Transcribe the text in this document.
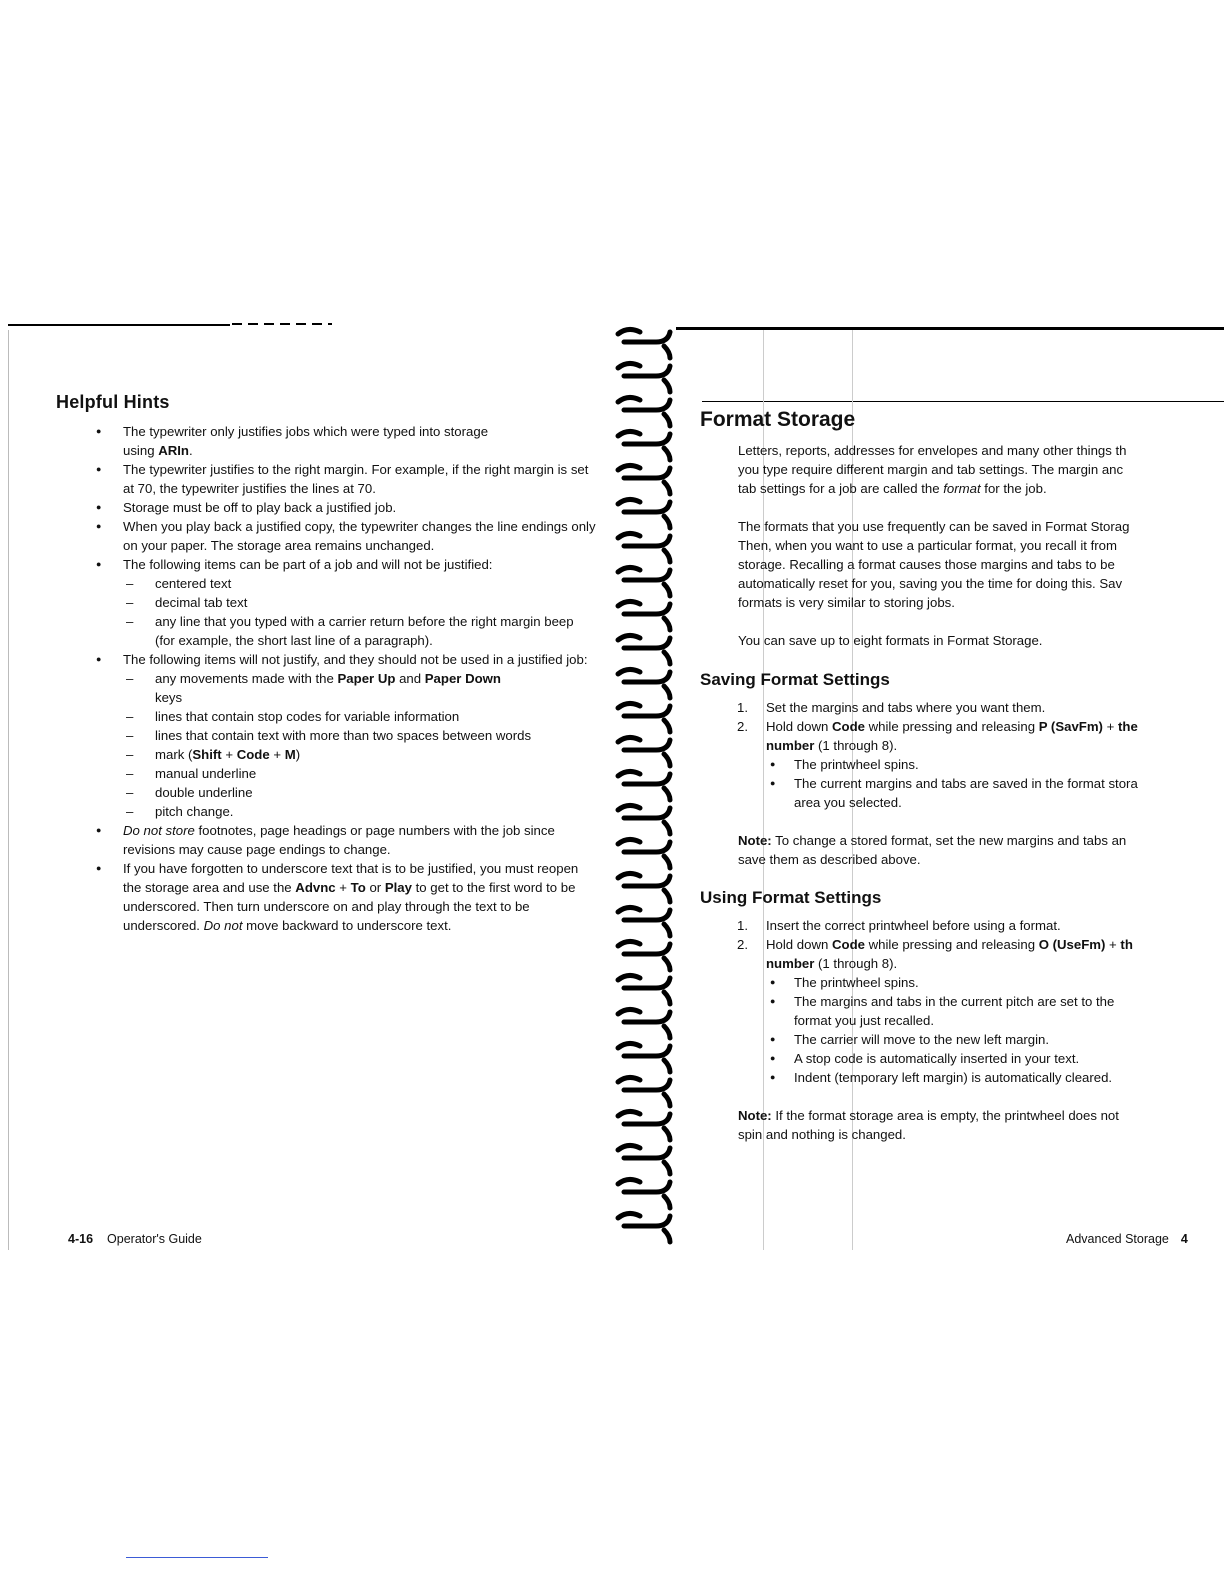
Helpful Hints
● The typewriter only justifies jobs which were typed into storage
using ARIn.
● The typewriter justifies to the right margin. For example, if the right margin is set at 70, the typewriter justifies the lines at 70.
● Storage must be off to play back a justified job.
● When you play back a justified copy, the typewriter changes the line endings only on your paper. The storage area remains unchanged.
● The following items can be part of a job and will not be justified:
– centered text
– decimal tab text
– any line that you typed with a carrier return before the right margin beep (for example, the short last line of a paragraph).
● The following items will not justify, and they should not be used in a justified job:
– any movements made with the Paper Up and Paper Down
keys
– lines that contain stop codes for variable information
– lines that contain text with more than two spaces between words
– mark (Shift + Code + M)
– manual underline
– double underline
– pitch change.
● Do not store footnotes, page headings or page numbers with the job since revisions may cause page endings to change.
● If you have forgotten to underscore text that is to be justified, you must reopen the storage area and use the Advnc + To or Play to get to the first word to be underscored. Then turn underscore on and play through the text to be underscored. Do not move backward to underscore text.
Format Storage
Letters, reports, addresses for envelopes and many other things th
you type require different margin and tab settings. The margin anc
tab settings for a job are called the format for the job.
The formats that you use frequently can be saved in Format Storag
Then, when you want to use a particular format, you recall it from
storage. Recalling a format causes those margins and tabs to be
automatically reset for you, saving you the time for doing this. Sav
formats is very similar to storing jobs.
You can save up to eight formats in Format Storage.
Saving Format Settings
1. Set the margins and tabs where you want them.
2. Hold down Code while pressing and releasing P (SavFm) + the
number (1 through 8).
● The printwheel spins.
● The current margins and tabs are saved in the format stora
area you selected.
Note: To change a stored format, set the new margins and tabs an
save them as described above.
Using Format Settings
1. Insert the correct printwheel before using a format.
2. Hold down Code while pressing and releasing O (UseFm) + th
number (1 through 8).
● The printwheel spins.
● The margins and tabs in the current pitch are set to the
format you just recalled.
● The carrier will move to the new left margin.
● A stop code is automatically inserted in your text.
● Indent (temporary left margin) is automatically cleared.
Note: If the format storage area is empty, the printwheel does not
spin and nothing is changed.
4-16 Operator's Guide	Advanced Storage 4
